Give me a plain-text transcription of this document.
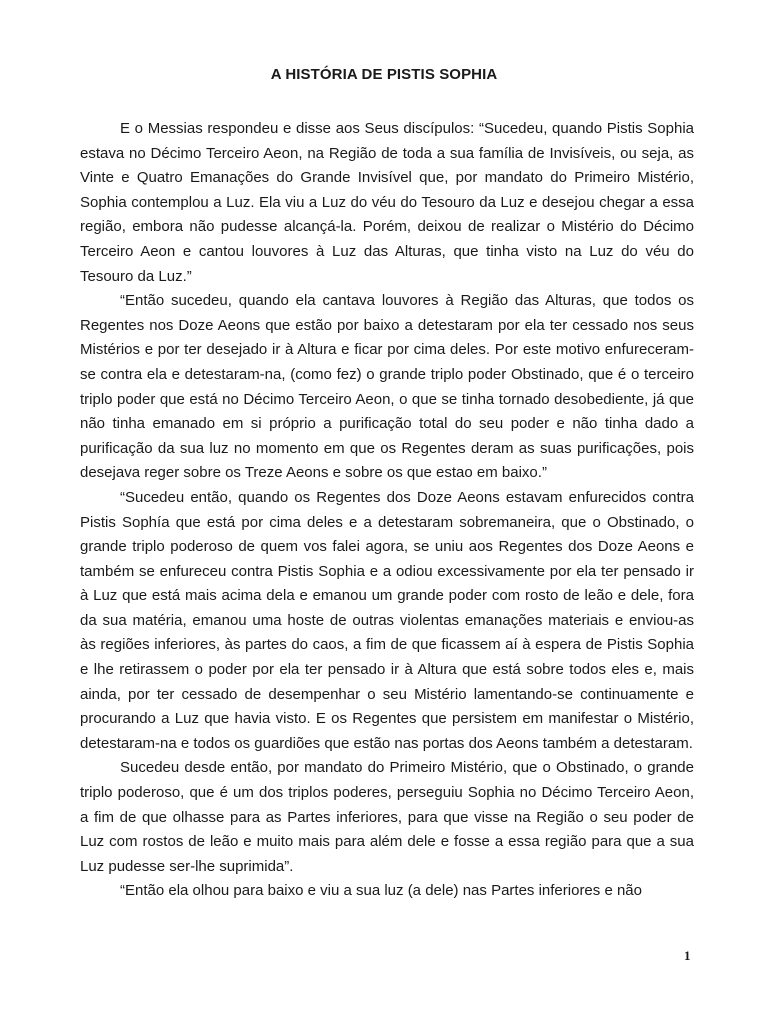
A HISTÓRIA DE PISTIS SOPHIA

E o Messias respondeu e disse aos Seus discípulos: “Sucedeu, quando Pistis Sophia estava no Décimo Terceiro Aeon, na Região de toda a sua família de Invisíveis, ou seja, as Vinte e Quatro Emanações do Grande Invisível que, por mandato do Primeiro Mistério, Sophia contemplou a Luz. Ela viu a Luz do véu do Tesouro da Luz e desejou chegar a essa região, embora não pudesse alcançá-la. Porém, deixou de realizar o Mistério do Décimo Terceiro Aeon e cantou louvores à Luz das Alturas, que tinha visto na Luz do véu do Tesouro da Luz.”

“Então sucedeu, quando ela cantava louvores à Região das Alturas, que todos os Regentes nos Doze Aeons que estão por baixo a detestaram por ela ter cessado nos seus Mistérios e por ter desejado ir à Altura e ficar por cima deles. Por este motivo enfureceram-se contra ela e detestaram-na, (como fez) o grande triplo poder Obstinado, que é o terceiro triplo poder que está no Décimo Terceiro Aeon, o que se tinha tornado desobediente, já que não tinha emanado em si próprio a purificação total do seu poder e não tinha dado a purificação da sua luz no momento em que os Regentes deram as suas purificações, pois desejava reger sobre os Treze Aeons e sobre os que estao em baixo.”

“Sucedeu então, quando os Regentes dos Doze Aeons estavam enfurecidos contra Pistis Sophía que está por cima deles e a detestaram sobremaneira, que o Obstinado, o grande triplo poderoso de quem vos falei agora, se uniu aos Regentes dos Doze Aeons e também se enfureceu contra Pistis Sophia e a odiou excessivamente por ela ter pensado ir à Luz que está mais acima dela e emanou um grande poder com rosto de leão e dele, fora da sua matéria, emanou uma hoste de outras violentas emanações materiais e enviou-as às regiões inferiores, às partes do caos, a fim de que ficassem aí à espera de Pistis Sophia e lhe retirassem o poder por ela ter pensado ir à Altura que está sobre todos eles e, mais ainda, por ter cessado de desempenhar o seu Mistério lamentando-se continuamente e procurando a Luz que havia visto. E os Regentes que persistem em manifestar o Mistério, detestaram-na e todos os guardiões que estão nas portas dos Aeons também a detestaram.

Sucedeu desde então, por mandato do Primeiro Mistério, que o Obstinado, o grande triplo poderoso, que é um dos triplos poderes, perseguiu Sophia no Décimo Terceiro Aeon, a fim de que olhasse para as Partes inferiores, para que visse na Região o seu poder de Luz com rostos de leão e muito mais para além dele e fosse a essa região para que a sua Luz pudesse ser-lhe suprimida”.

“Então ela olhou para baixo e viu a sua luz (a dele) nas Partes inferiores e não

1
